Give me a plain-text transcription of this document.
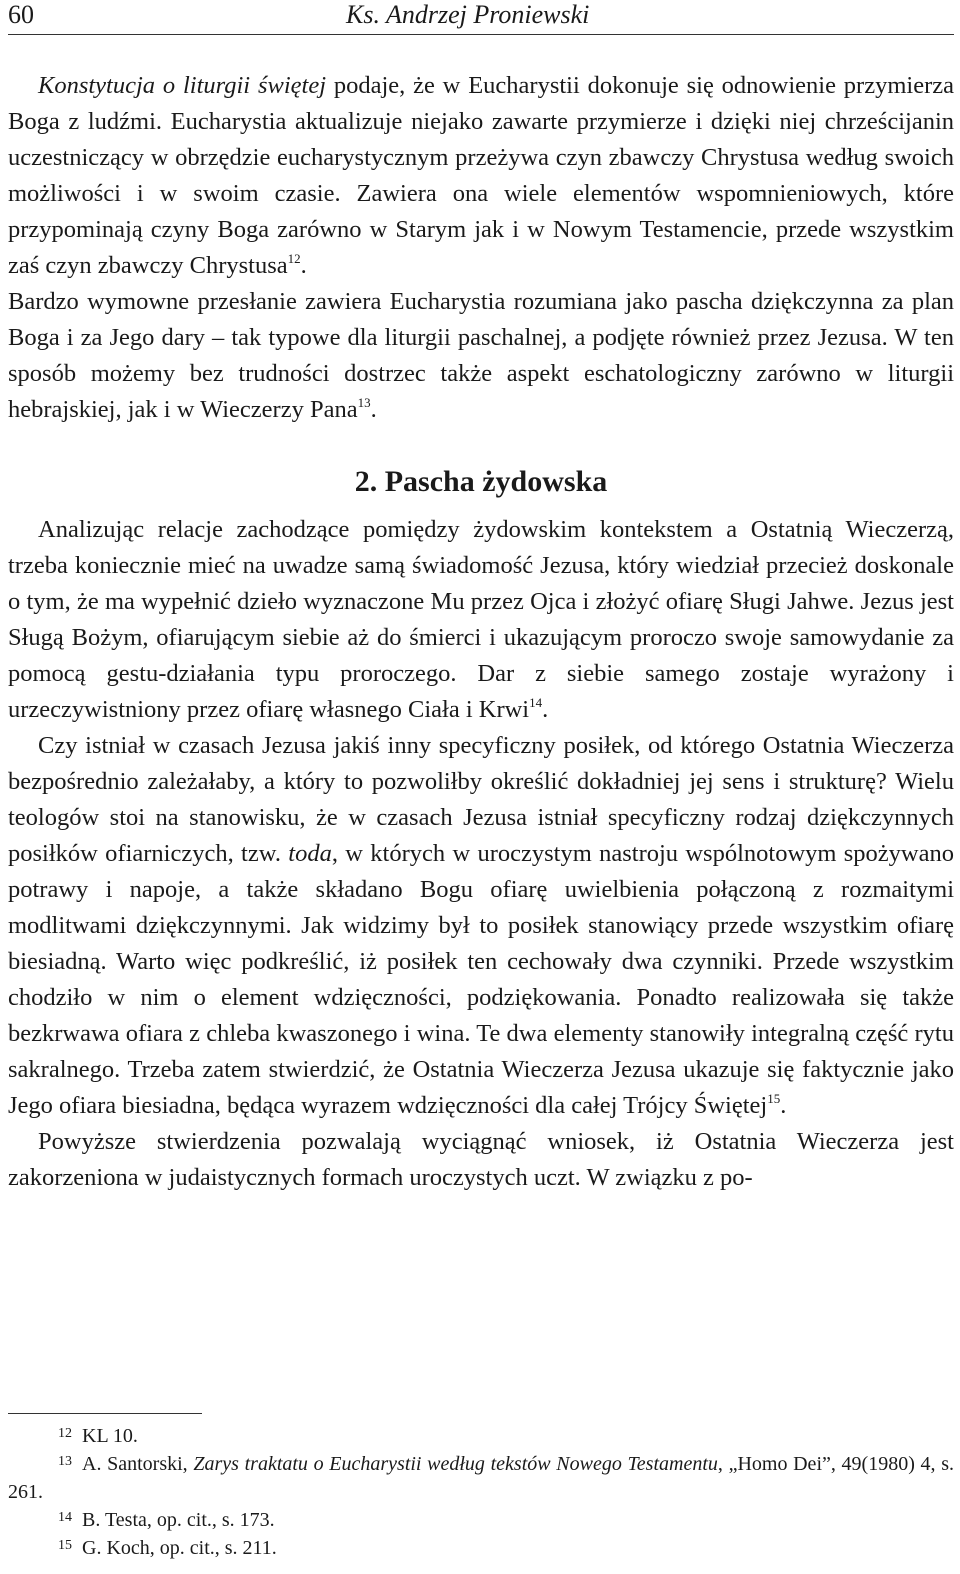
60	Ks. Andrzej Proniewski

Konstytucja o liturgii świętej podaje, że w Eucharystii dokonuje się odnowienie przymierza Boga z ludźmi. Eucharystia aktualizuje niejako zawarte przymierze i dzięki niej chrześcijanin uczestniczący w obrzędzie eucharystycznym przeżywa czyn zbawczy Chrystusa według swoich możliwości i w swoim czasie. Zawiera ona wiele elementów wspomnieniowych, które przypominają czyny Boga zarówno w Starym jak i w Nowym Testamencie, przede wszystkim zaś czyn zbawczy Chrystusa$^{12}$.

Bardzo wymowne przesłanie zawiera Eucharystia rozumiana jako pascha dziękczynna za plan Boga i za Jego dary – tak typowe dla liturgii paschalnej, a podjęte również przez Jezusa. W ten sposób możemy bez trudności dostrzec także aspekt eschatologiczny zarówno w liturgii hebrajskiej, jak i w Wieczerzy Pana$^{13}$.

2. Pascha żydowska

Analizując relacje zachodzące pomiędzy żydowskim kontekstem a Ostatnią Wieczerzą, trzeba koniecznie mieć na uwadze samą świadomość Jezusa, który wiedział przecież doskonale o tym, że ma wypełnić dzieło wyznaczone Mu przez Ojca i złożyć ofiarę Sługi Jahwe. Jezus jest Sługą Bożym, ofiarującym siebie aż do śmierci i ukazującym proroczo swoje samowydanie za pomocą gestu-działania typu proroczego. Dar z siebie samego zostaje wyrażony i urzeczywistniony przez ofiarę własnego Ciała i Krwi$^{14}$.

Czy istniał w czasach Jezusa jakiś inny specyficzny posiłek, od którego Ostatnia Wieczerza bezpośrednio zależałaby, a który to pozwoliłby określić dokładniej jej sens i strukturę? Wielu teologów stoi na stanowisku, że w czasach Jezusa istniał specyficzny rodzaj dziękczynnych posiłków ofiarniczych, tzw. toda, w których w uroczystym nastroju wspólnotowym spożywano potrawy i napoje, a także składano Bogu ofiarę uwielbienia połączoną z rozmaitymi modlitwami dziękczynnymi. Jak widzimy był to posiłek stanowiący przede wszystkim ofiarę biesiadną. Warto więc podkreślić, iż posiłek ten cechowały dwa czynniki. Przede wszystkim chodziło w nim o element wdzięczności, podziękowania. Ponadto realizowała się także bezkrwawa ofiara z chleba kwaszonego i wina. Te dwa elementy stanowiły integralną część rytu sakralnego. Trzeba zatem stwierdzić, że Ostatnia Wieczerza Jezusa ukazuje się faktycznie jako Jego ofiara biesiadna, będąca wyrazem wdzięczności dla całej Trójcy Świętej$^{15}$.

Powyższe stwierdzenia pozwalają wyciągnąć wniosek, iż Ostatnia Wieczerza jest zakorzeniona w judaistycznych formach uroczystych uczt. W związku z po-

12 KL 10.

13 A. Santorski, Zarys traktatu o Eucharystii według tekstów Nowego Testamentu, „Homo Dei”, 49(1980) 4, s. 261.

14 B. Testa, op. cit., s. 173.

15 G. Koch, op. cit., s. 211.
